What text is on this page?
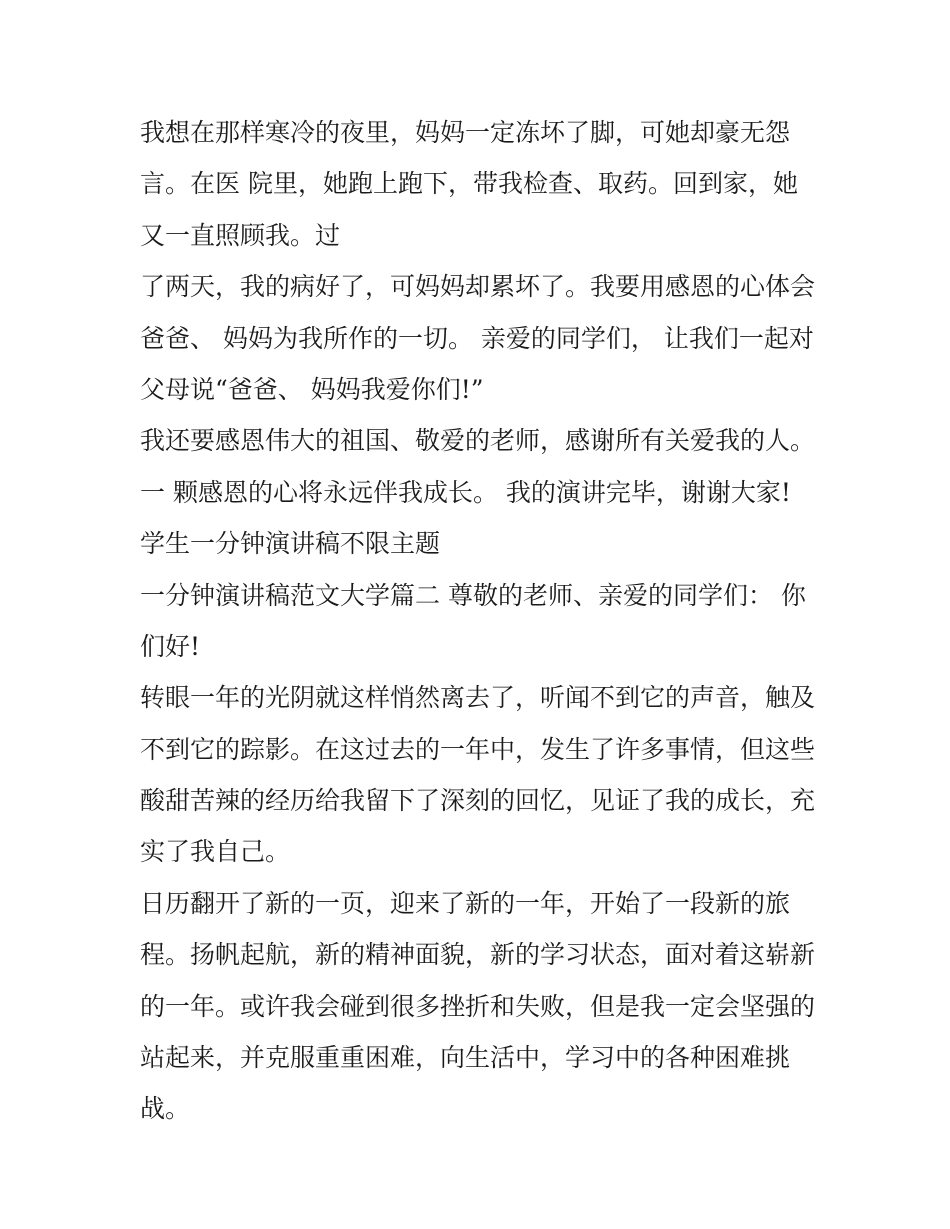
我想在那样寒冷的夜里，妈妈一定冻坏了脚，可她却豪无怨
言。在医 院里，她跑上跑下，带我检查、取药。回到家，她
又一直照顾我。过
了两天，我的病好了，可妈妈却累坏了。我要用感恩的心体会
爸爸、 妈妈为我所作的一切。 亲爱的同学们， 让我们一起对
父母说“爸爸、 妈妈我爱你们!”
我还要感恩伟大的祖国、敬爱的老师，感谢所有关爱我的人。
一 颗感恩的心将永远伴我成长。 我的演讲完毕，谢谢大家!
学生一分钟演讲稿不限主题
一分钟演讲稿范文大学篇二 尊敬的老师、亲爱的同学们： 你
们好!
转眼一年的光阴就这样悄然离去了，听闻不到它的声音，触及
不到它的踪影。在这过去的一年中，发生了许多事情，但这些
酸甜苦辣的经历给我留下了深刻的回忆，见证了我的成长，充
实了我自己。
日历翻开了新的一页，迎来了新的一年，开始了一段新的旅
程。扬帆起航，新的精神面貌，新的学习状态，面对着这崭新
的一年。或许我会碰到很多挫折和失败，但是我一定会坚强的
站起来，并克服重重困难，向生活中，学习中的各种困难挑
战。
